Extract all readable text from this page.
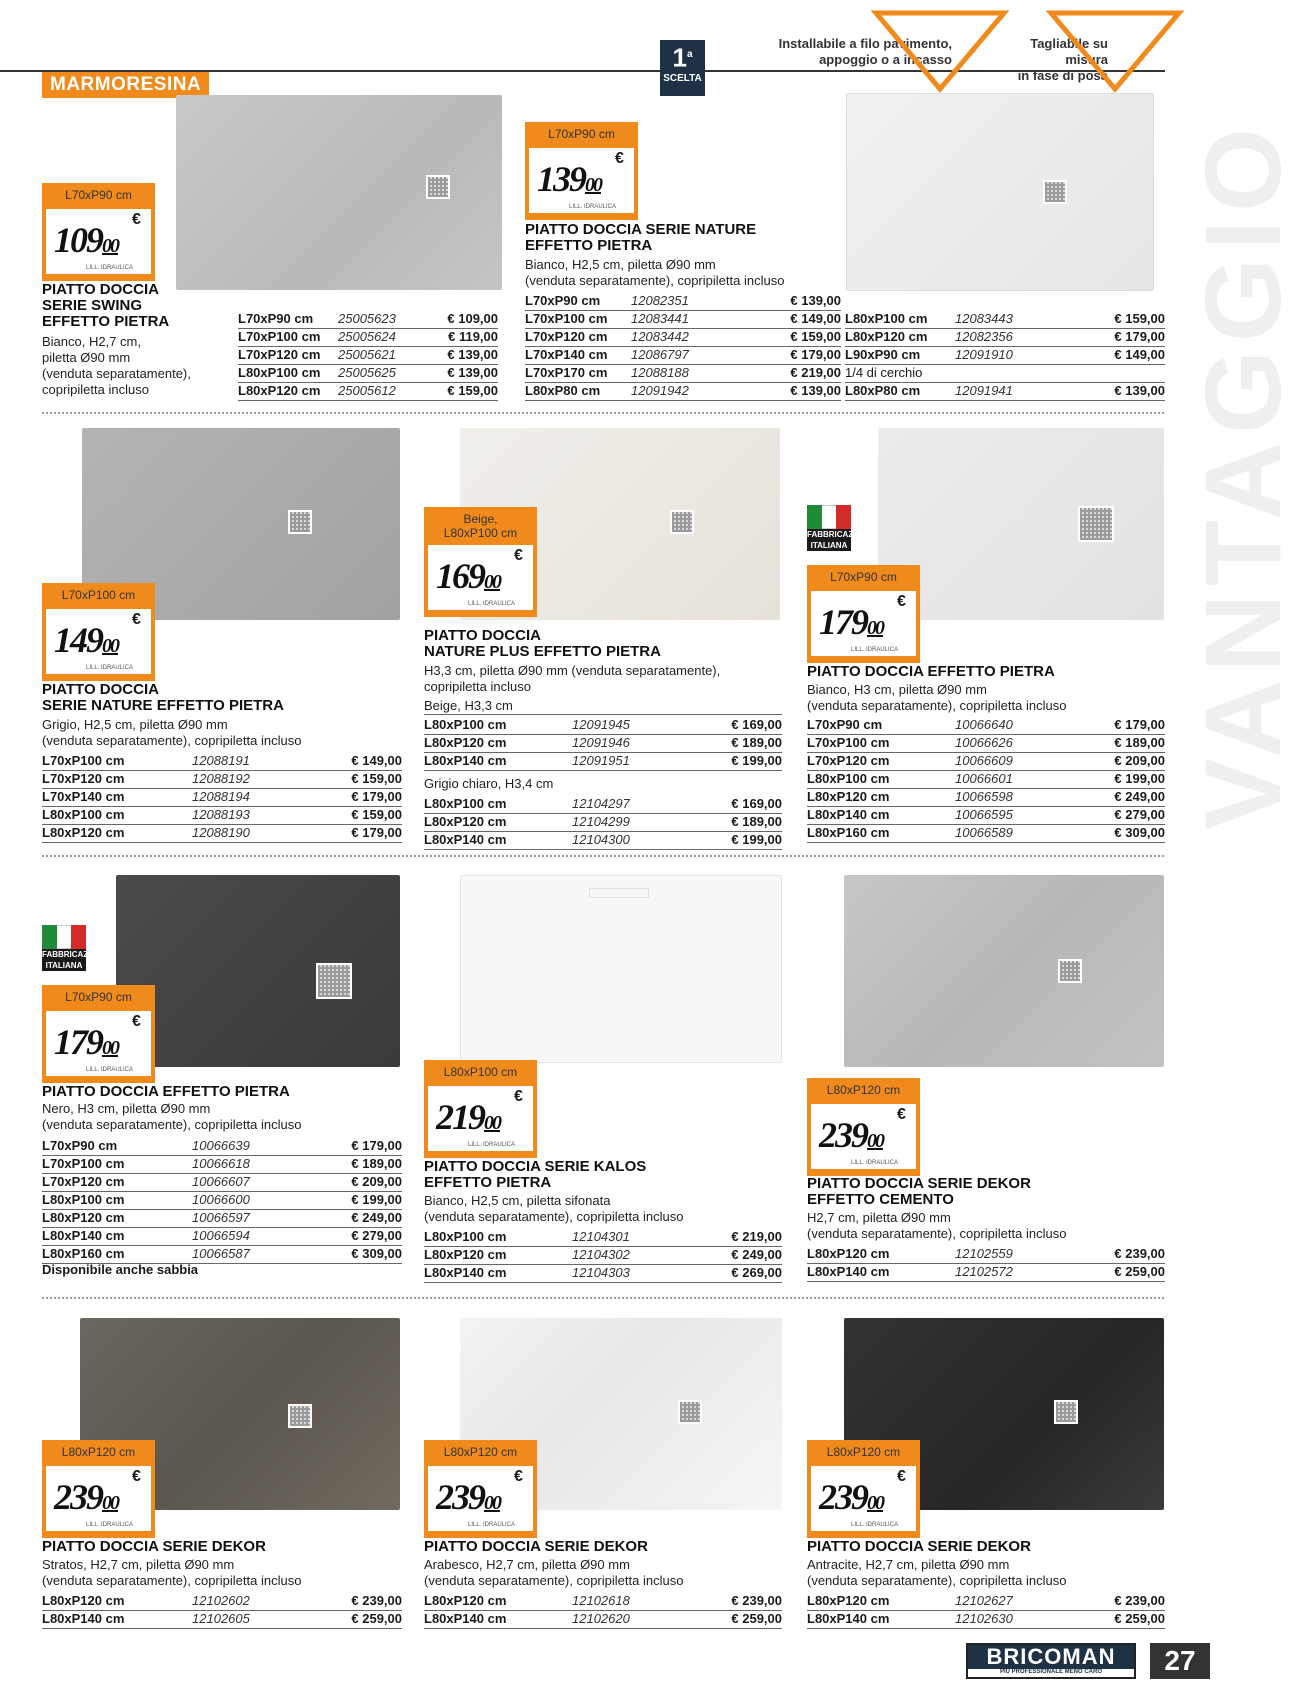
MARMORESINA
1$^a$
SCELTA
Installabile a filo pavimento,
appoggio o a incasso
Tagliabile su misura
in fase di posa
VANTAGGIO
FABBRICAZIONE ITALIANA
FABBRICAZIONE ITALIANA
L70xP90 cm
10900
€
LILL. IDRAULICA
PIATTO DOCCIA
SERIE SWING
EFFETTO PIETRA
Bianco, H2,7 cm,
piletta Ø90 mm
(venduta separatamente),
copripiletta incluso
L70xP90 cm	25005623	€ 109,00
L70xP100 cm	25005624	€ 119,00
L70xP120 cm	25005621	€ 139,00
L80xP100 cm	25005625	€ 139,00
L80xP120 cm	25005612	€ 159,00
L70xP90 cm
13900
€
LILL. IDRAULICA
PIATTO DOCCIA SERIE NATURE
EFFETTO PIETRA
Bianco, H2,5 cm, piletta Ø90 mm
(venduta separatamente), copripiletta incluso
L70xP90 cm	12082351	€ 139,00
L70xP100 cm	12083441	€ 149,00
L70xP120 cm	12083442	€ 159,00
L70xP140 cm	12086797	€ 179,00
L70xP170 cm	12088188	€ 219,00
L80xP80 cm	12091942	€ 139,00
L80xP100 cm	12083443	€ 159,00
L80xP120 cm	12082356	€ 179,00
L90xP90 cm	12091910	€ 149,00
1/4 di cerchio		
L80xP80 cm	12091941	€ 139,00
L70xP100 cm
14900
€
LILL. IDRAULICA
PIATTO DOCCIA
SERIE NATURE EFFETTO PIETRA
Grigio, H2,5 cm, piletta Ø90 mm
(venduta separatamente), copripiletta incluso
L70xP100 cm	12088191	€ 149,00
L70xP120 cm	12088192	€ 159,00
L70xP140 cm	12088194	€ 179,00
L80xP100 cm	12088193	€ 159,00
L80xP120 cm	12088190	€ 179,00
Beige,
L80xP100 cm
16900
€
LILL. IDRAULICA
PIATTO DOCCIA
NATURE PLUS EFFETTO PIETRA
H3,3 cm, piletta Ø90 mm (venduta separatamente),
copripiletta incluso
Beige, H3,3 cm
Grigio chiaro, H3,4 cm
L80xP100 cm	12091945	€ 169,00
L80xP120 cm	12091946	€ 189,00
L80xP140 cm	12091951	€ 199,00
L80xP100 cm	12104297	€ 169,00
L80xP120 cm	12104299	€ 189,00
L80xP140 cm	12104300	€ 199,00
L70xP90 cm
17900
€
LILL. IDRAULICA
PIATTO DOCCIA EFFETTO PIETRA
Bianco, H3 cm, piletta Ø90 mm
(venduta separatamente), copripiletta incluso
L70xP90 cm	10066640	€ 179,00
L70xP100 cm	10066626	€ 189,00
L70xP120 cm	10066609	€ 209,00
L80xP100 cm	10066601	€ 199,00
L80xP120 cm	10066598	€ 249,00
L80xP140 cm	10066595	€ 279,00
L80xP160 cm	10066589	€ 309,00
L70xP90 cm
17900
€
LILL. IDRAULICA
PIATTO DOCCIA EFFETTO PIETRA
Nero, H3 cm, piletta Ø90 mm
(venduta separatamente), copripiletta incluso
L70xP90 cm	10066639	€ 179,00
L70xP100 cm	10066618	€ 189,00
L70xP120 cm	10066607	€ 209,00
L80xP100 cm	10066600	€ 199,00
L80xP120 cm	10066597	€ 249,00
L80xP140 cm	10066594	€ 279,00
L80xP160 cm	10066587	€ 309,00
Disponibile anche sabbia
L80xP100 cm
21900
€
LILL. IDRAULICA
PIATTO DOCCIA SERIE KALOS
EFFETTO PIETRA
Bianco, H2,5 cm, piletta sifonata
(venduta separatamente), copripiletta incluso
L80xP100 cm	12104301	€ 219,00
L80xP120 cm	12104302	€ 249,00
L80xP140 cm	12104303	€ 269,00
L80xP120 cm
23900
€
LILL. IDRAULICA
PIATTO DOCCIA SERIE DEKOR
EFFETTO CEMENTO
H2,7 cm, piletta Ø90 mm
(venduta separatamente), copripiletta incluso
L80xP120 cm	12102559	€ 239,00
L80xP140 cm	12102572	€ 259,00
L80xP120 cm
23900
€
LILL. IDRAULICA
PIATTO DOCCIA SERIE DEKOR
Stratos, H2,7 cm, piletta Ø90 mm
(venduta separatamente), copripiletta incluso
L80xP120 cm	12102602	€ 239,00
L80xP140 cm	12102605	€ 259,00
L80xP120 cm
23900
€
LILL. IDRAULICA
PIATTO DOCCIA SERIE DEKOR
Arabesco, H2,7 cm, piletta Ø90 mm
(venduta separatamente), copripiletta incluso
L80xP120 cm	12102618	€ 239,00
L80xP140 cm	12102620	€ 259,00
L80xP120 cm
23900
€
LILL. IDRAULICA
PIATTO DOCCIA SERIE DEKOR
Antracite, H2,7 cm, piletta Ø90 mm
(venduta separatamente), copripiletta incluso
L80xP120 cm	12102627	€ 239,00
L80xP140 cm	12102630	€ 259,00
BRICOMAN
PIÙ PROFESSIONALE MENO CARO	27
